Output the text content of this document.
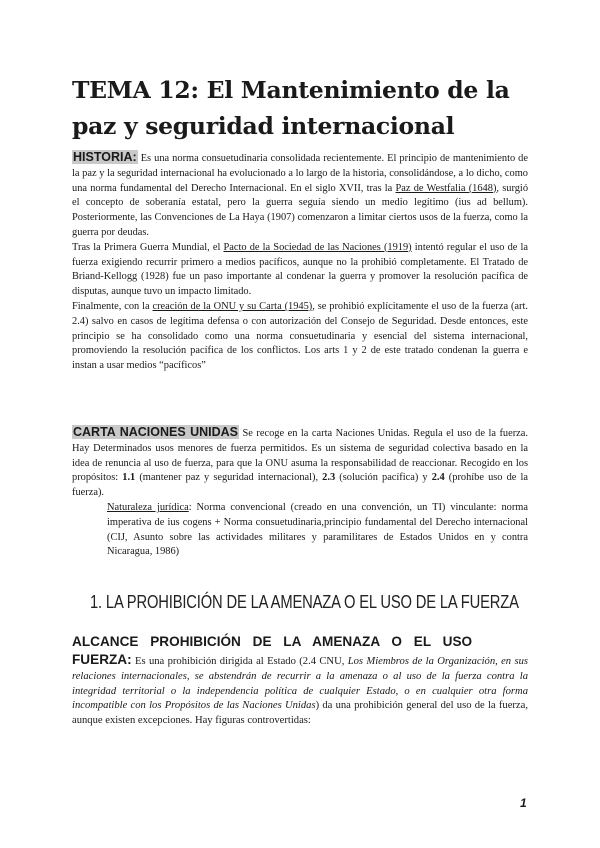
TEMA 12: El Mantenimiento de la paz y seguridad internacional

HISTORIA: Es una norma consuetudinaria consolidada recientemente. El principio de mantenimiento de la paz y la seguridad internacional ha evolucionado a lo largo de la historia, consolidándose, a lo dicho, como una norma fundamental del Derecho Internacional. En el siglo XVII, tras la Paz de Westfalia (1648), surgió el concepto de soberanía estatal, pero la guerra seguía siendo un medio legítimo (ius ad bellum). Posteriormente, las Convenciones de La Haya (1907) comenzaron a limitar ciertos usos de la fuerza, como la guerra por deudas.

Tras la Primera Guerra Mundial, el Pacto de la Sociedad de las Naciones (1919) intentó regular el uso de la fuerza exigiendo recurrir primero a medios pacíficos, aunque no la prohibió completamente. El Tratado de Briand-Kellogg (1928) fue un paso importante al condenar la guerra y promover la resolución pacífica de disputas, aunque tuvo un impacto limitado.

Finalmente, con la creación de la ONU y su Carta (1945), se prohibió explícitamente el uso de la fuerza (art. 2.4) salvo en casos de legítima defensa o con autorización del Consejo de Seguridad. Desde entonces, este principio se ha consolidado como una norma consuetudinaria y esencial del sistema internacional, promoviendo la resolución pacífica de los conflictos. Los arts 1 y 2 de este tratado condenan la guerra e instan a usar medios “pacíficos”

CARTA NACIONES UNIDAS Se recoge en la carta Naciones Unidas. Regula el uso de la fuerza. Hay Determinados usos menores de fuerza permitidos. Es un sistema de seguridad colectiva basado en la idea de renuncia al uso de fuerza, para que la ONU asuma la responsabilidad de reaccionar. Recogido en los propósitos: 1.1 (mantener paz y seguridad internacional), 2.3 (solución pacífica) y 2.4 (prohíbe uso de la fuerza).

Naturaleza jurídica: Norma convencional (creado en una convención, un TI) vinculante: norma imperativa de ius cogens + Norma consuetudinaria,principio fundamental del Derecho internacional (CIJ, Asunto sobre las actividades militares y paramilitares de Estados Unidos en y contra Nicaragua, 1986)

1. LA PROHIBICIÓN DE LA AMENAZA O EL USO DE LA FUERZA
ALCANCE PROHIBICIÓN DE LA AMENAZA O EL USO

FUERZA: Es una prohibición dirigida al Estado (2.4 CNU, Los Miembros de la Organización, en sus relaciones internacionales, se abstendrán de recurrir a la amenaza o al uso de la fuerza contra la integridad territorial o la independencia política de cualquier Estado, o en cualquier otra forma incompatible con los Propósitos de las Naciones Unidas) da una prohibición general del uso de la fuerza, aunque existen excepciones. Hay figuras controvertidas:

1
